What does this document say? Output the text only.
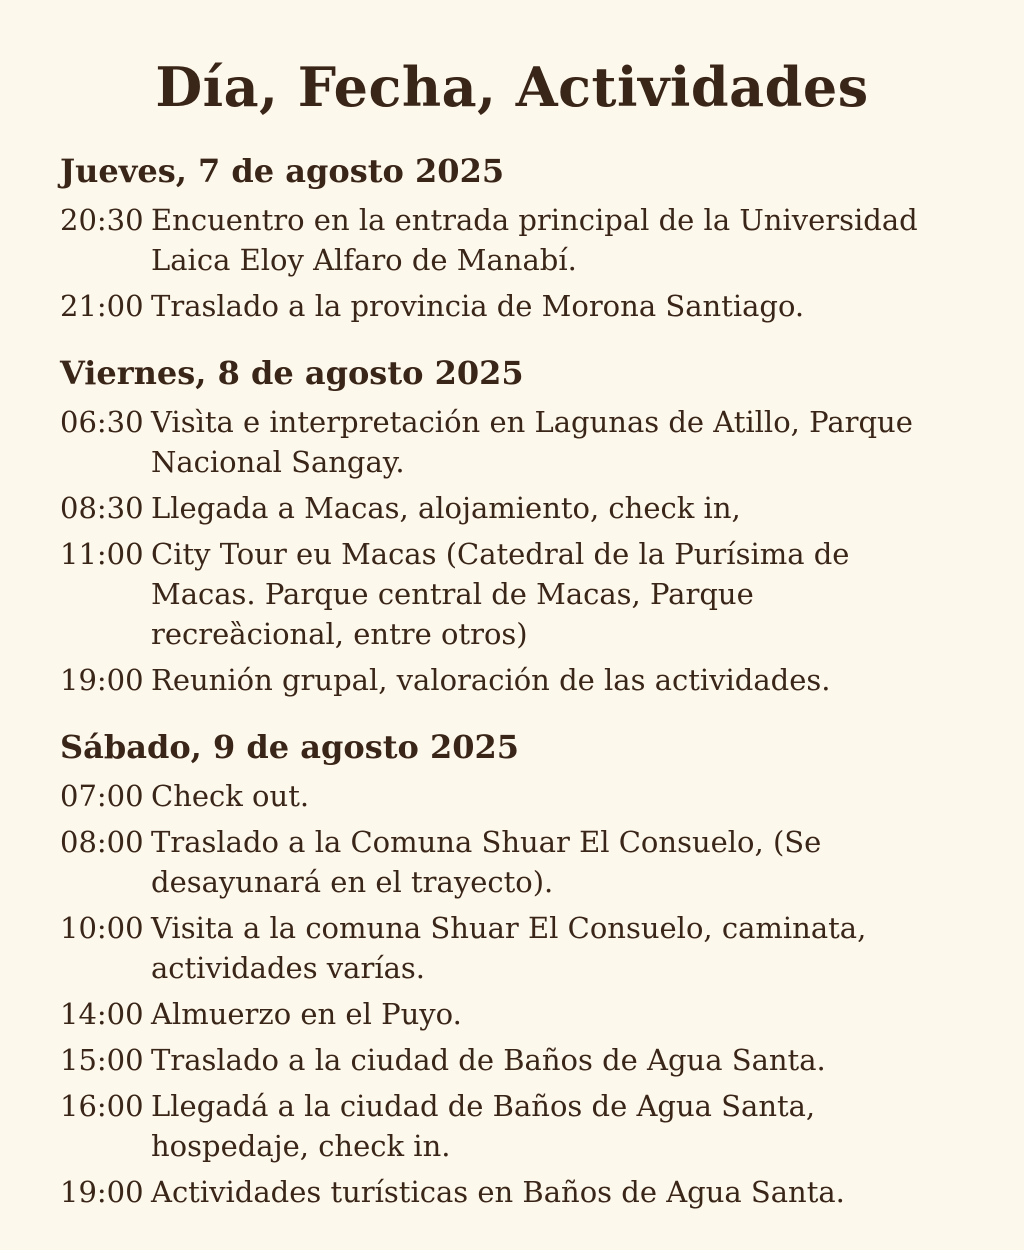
Día, Fecha, Actividades
Jueves, 7 de agosto 2025
20:30 Encuentro en la entrada principal de la Universidad Laica Eloy Alfaro de Manabí.
21:00 Traslado a la provincia de Morona Santiago.
Viernes, 8 de agosto 2025
06:30 Visìta e interpretación en Lagunas de Atillo, Parque Nacional Sangay.
08:30 Llegada a Macas, alojamiento, check in,
11:00 City Tour eu Macas (Catedral de la Purísima de Macas. Parque central de Macas, Parque recreȁcional, entre otros)
19:00 Reunión grupal, valoración de las actividades.
Sábado, 9 de agosto 2025
07:00 Check out.
08:00 Traslado a la Comuna Shuar El Consuelo, (Se desayunará en el trayecto).
10:00 Visita a la comuna Shuar El Consuelo, caminata, actividades varías.
14:00 Almuerzo en el Puyo.
15:00 Traslado a la ciudad de Baños de Agua Santa.
16:00 Llegadá a la ciudad de Baños de Agua Santa, hospedaje, check in.
19:00 Actividades turísticas en Baños de Agua Santa.
